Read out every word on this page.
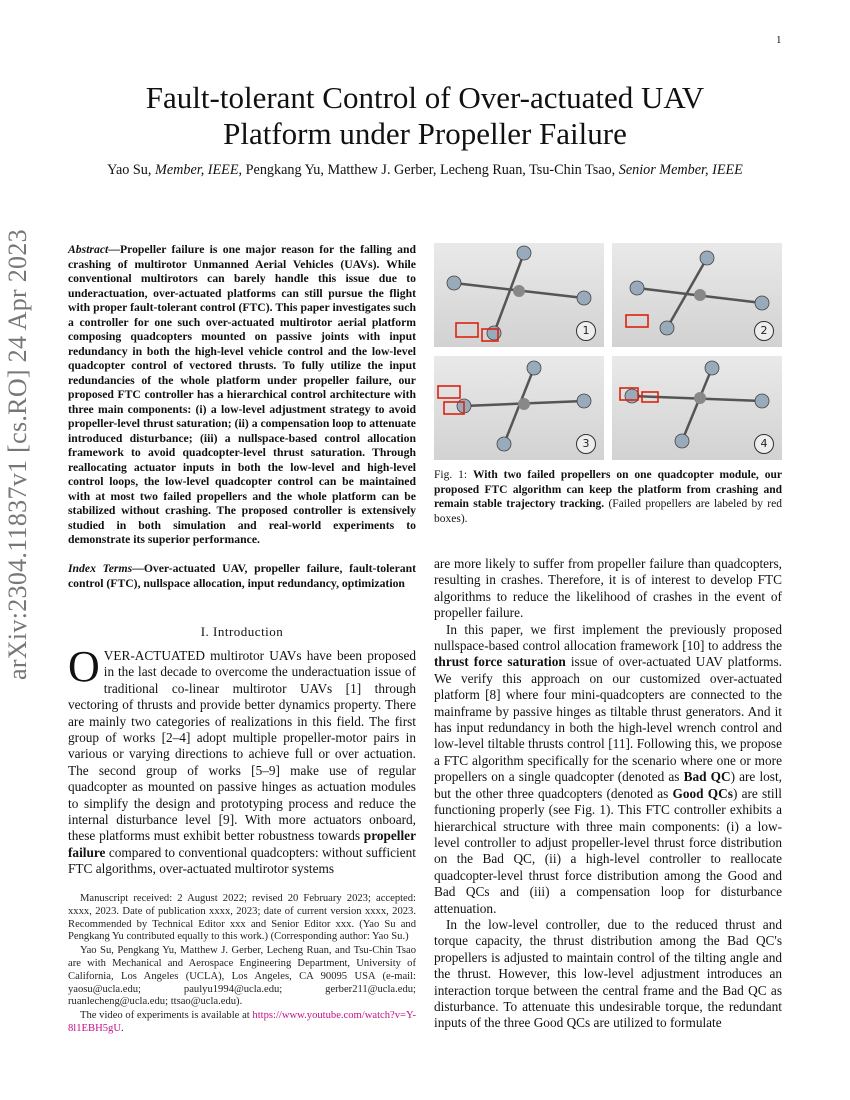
1
arXiv:2304.11837v1 [cs.RO] 24 Apr 2023
Fault-tolerant Control of Over-actuated UAV
Platform under Propeller Failure
Yao Su, Member, IEEE, Pengkang Yu, Matthew J. Gerber, Lecheng Ruan, Tsu-Chin Tsao, Senior Member, IEEE
Abstract—Propeller failure is one major reason for the falling and crashing of multirotor Unmanned Aerial Vehicles (UAVs). While conventional multirotors can barely handle this issue due to underactuation, over-actuated platforms can still pursue the flight with proper fault-tolerant control (FTC). This paper investigates such a controller for one such over-actuated multirotor aerial platform composing quadcopters mounted on passive joints with input redundancy in both the high-level vehicle control and the low-level quadcopter control of vectored thrusts. To fully utilize the input redundancies of the whole platform under propeller failure, our proposed FTC controller has a hierarchical control architecture with three main components: (i) a low-level adjustment strategy to avoid propeller-level thrust saturation; (ii) a compensation loop to attenuate introduced disturbance; (iii) a nullspace-based control allocation framework to avoid quadcopter-level thrust saturation. Through reallocating actuator inputs in both the low-level and high-level control loops, the low-level quadcopter control can be maintained with at most two failed propellers and the whole platform can be stabilized without crashing. The proposed controller is extensively studied in both simulation and real-world experiments to demonstrate its superior performance.
Index Terms—Over-actuated UAV, propeller failure, fault-tolerant control (FTC), nullspace allocation, input redundancy, optimization
I. Introduction
OVER-ACTUATED multirotor UAVs have been proposed in the last decade to overcome the underactuation issue of traditional co-linear multirotor UAVs [1] through vectoring of thrusts and provide better dynamics property. There are mainly two categories of realizations in this field. The first group of works [2–4] adopt multiple propeller-motor pairs in various or varying directions to achieve full or over actuation. The second group of works [5–9] make use of regular quadcopter as mounted on passive hinges as actuation modules to simplify the design and prototyping process and reduce the internal disturbance level [9]. With more actuators onboard, these platforms must exhibit better robustness towards propeller failure compared to conventional quadcopters: without sufficient FTC algorithms, over-actuated multirotor systems

Manuscript received: 2 August 2022; revised 20 February 2023; accepted: xxxx, 2023. Date of publication xxxx, 2023; date of current version xxxx, 2023. Recommended by Technical Editor xxx and Senior Editor xxx. (Yao Su and Pengkang Yu contributed equally to this work.) (Corresponding author: Yao Su.)

Yao Su, Pengkang Yu, Matthew J. Gerber, Lecheng Ruan, and Tsu-Chin Tsao are with Mechanical and Aerospace Engineering Department, University of California, Los Angeles (UCLA), Los Angeles, CA 90095 USA (e-mail: yaosu@ucla.edu; paulyu1994@ucla.edu; gerber211@ucla.edu; ruanlecheng@ucla.edu; ttsao@ucla.edu).

The video of experiments is available at https://www.youtube.com/watch?v=Y-8l1EBH5gU.

1	2
3	4
Fig. 1: With two failed propellers on one quadcopter module, our proposed FTC algorithm can keep the platform from crashing and remain stable trajectory tracking. (Failed propellers are labeled by red boxes).

are more likely to suffer from propeller failure than quadcopters, resulting in crashes. Therefore, it is of interest to develop FTC algorithms to reduce the likelihood of crashes in the event of propeller failure.

In this paper, we first implement the previously proposed nullspace-based control allocation framework [10] to address the thrust force saturation issue of over-actuated UAV platforms. We verify this approach on our customized over-actuated platform [8] where four mini-quadcopters are connected to the mainframe by passive hinges as tiltable thrust generators. And it has input redundancy in both the high-level wrench control and low-level tiltable thrusts control [11]. Following this, we propose a FTC algorithm specifically for the scenario where one or more propellers on a single quadcopter (denoted as Bad QC) are lost, but the other three quadcopters (denoted as Good QCs) are still functioning properly (see Fig. 1). This FTC controller exhibits a hierarchical structure with three main components: (i) a low-level controller to adjust propeller-level thrust force distribution on the Bad QC, (ii) a high-level controller to reallocate quadcopter-level thrust force distribution among the Good and Bad QCs and (iii) a compensation loop for disturbance attenuation.

In the low-level controller, due to the reduced thrust and torque capacity, the thrust distribution among the Bad QC's propellers is adjusted to maintain control of the tilting angle and the thrust. However, this low-level adjustment introduces an interaction torque between the central frame and the Bad QC as disturbance. To attenuate this undesirable torque, the redundant inputs of the three Good QCs are utilized to formulate
